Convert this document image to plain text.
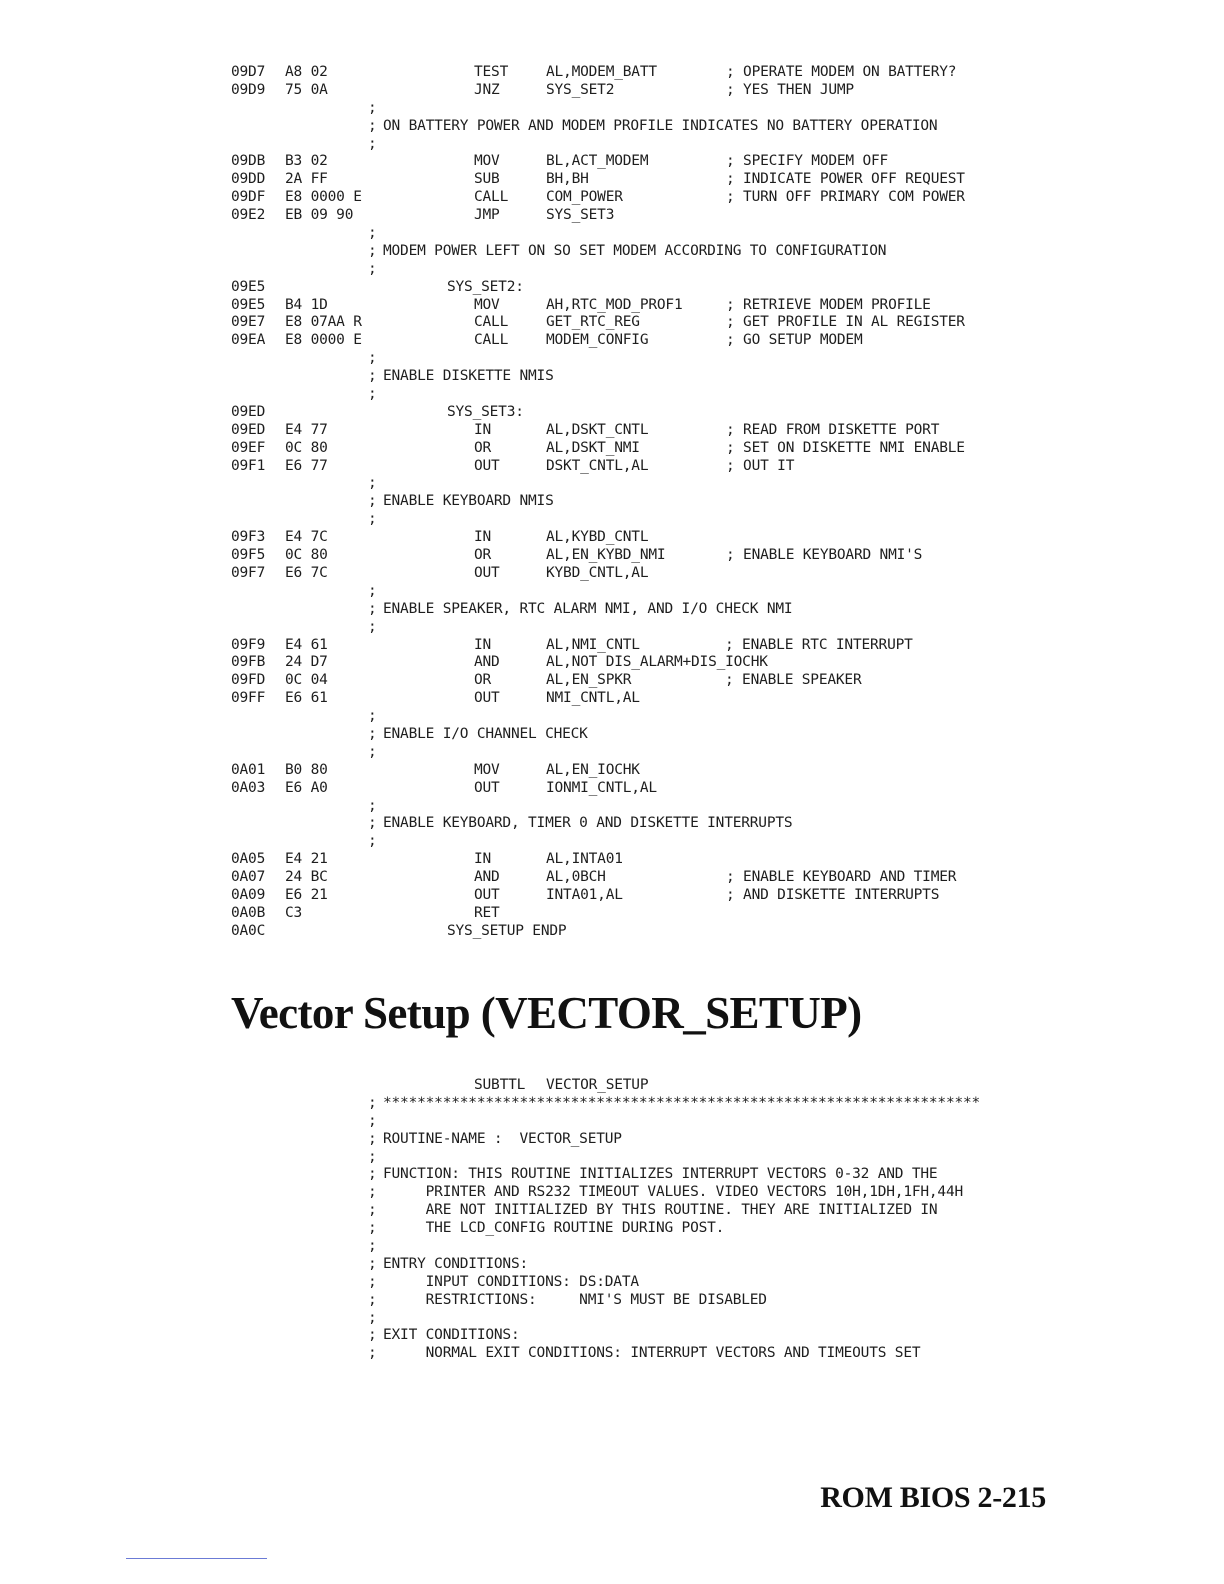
09D7 A8 02	TEST	AL,MODEM_BATT	; OPERATE MODEM ON BATTERY?
09D9 75 0A	JNZ	SYS_SET2	; YES THEN JUMP
;
; ON BATTERY POWER AND MODEM PROFILE INDICATES NO BATTERY OPERATION
;
09DB B3 02	MOV	BL,ACT_MODEM	; SPECIFY MODEM OFF
09DD 2A FF	SUB	BH,BH	; INDICATE POWER OFF REQUEST
09DF E8 0000 E	CALL	COM_POWER	; TURN OFF PRIMARY COM POWER
09E2 EB 09 90	JMP	SYS_SET3
;
; MODEM POWER LEFT ON SO SET MODEM ACCORDING TO CONFIGURATION
;
09E5	SYS_SET2:
09E5 B4 1D	MOV	AH,RTC_MOD_PROF1	; RETRIEVE MODEM PROFILE
09E7 E8 07AA R	CALL	GET_RTC_REG	; GET PROFILE IN AL REGISTER
09EA E8 0000 E	CALL	MODEM_CONFIG	; GO SETUP MODEM
;
; ENABLE DISKETTE NMIS
;
09ED	SYS_SET3:
09ED E4 77	IN	AL,DSKT_CNTL	; READ FROM DISKETTE PORT
09EF 0C 80	OR	AL,DSKT_NMI	; SET ON DISKETTE NMI ENABLE
09F1 E6 77	OUT	DSKT_CNTL,AL	; OUT IT
;
; ENABLE KEYBOARD NMIS
;
09F3 E4 7C	IN	AL,KYBD_CNTL
09F5 0C 80	OR	AL,EN_KYBD_NMI	; ENABLE KEYBOARD NMI'S
09F7 E6 7C	OUT	KYBD_CNTL,AL
;
; ENABLE SPEAKER, RTC ALARM NMI, AND I/O CHECK NMI
;
09F9 E4 61	IN	AL,NMI_CNTL	; ENABLE RTC INTERRUPT
09FB 24 D7	AND	AL,NOT DIS_ALARM+DIS_IOCHK
09FD 0C 04	OR	AL,EN_SPKR	; ENABLE SPEAKER
09FF E6 61	OUT	NMI_CNTL,AL
;
; ENABLE I/O CHANNEL CHECK
;
0A01 B0 80	MOV	AL,EN_IOCHK
0A03 E6 A0	OUT	IONMI_CNTL,AL
;
; ENABLE KEYBOARD, TIMER 0 AND DISKETTE INTERRUPTS
;
0A05 E4 21	IN	AL,INTA01
0A07 24 BC	AND	AL,0BCH	; ENABLE KEYBOARD AND TIMER
0A09 E6 21	OUT	INTA01,AL	; AND DISKETTE INTERRUPTS
0A0B C3	RET
0A0C	SYS_SETUP ENDP
Vector Setup (VECTOR_SETUP)
SUBTTL VECTOR_SETUP
; **********************************************************************
;
; ROUTINE-NAME :  VECTOR_SETUP
;
; FUNCTION: THIS ROUTINE INITIALIZES INTERRUPT VECTORS 0-32 AND THE
; PRINTER AND RS232 TIMEOUT VALUES. VIDEO VECTORS 10H,1DH,1FH,44H
; ARE NOT INITIALIZED BY THIS ROUTINE. THEY ARE INITIALIZED IN
; THE LCD_CONFIG ROUTINE DURING POST.
;
; ENTRY CONDITIONS:
; INPUT CONDITIONS: DS:DATA
; RESTRICTIONS:     NMI'S MUST BE DISABLED
;
; EXIT CONDITIONS:
; NORMAL EXIT CONDITIONS: INTERRUPT VECTORS AND TIMEOUTS SET
ROM BIOS 2-215
